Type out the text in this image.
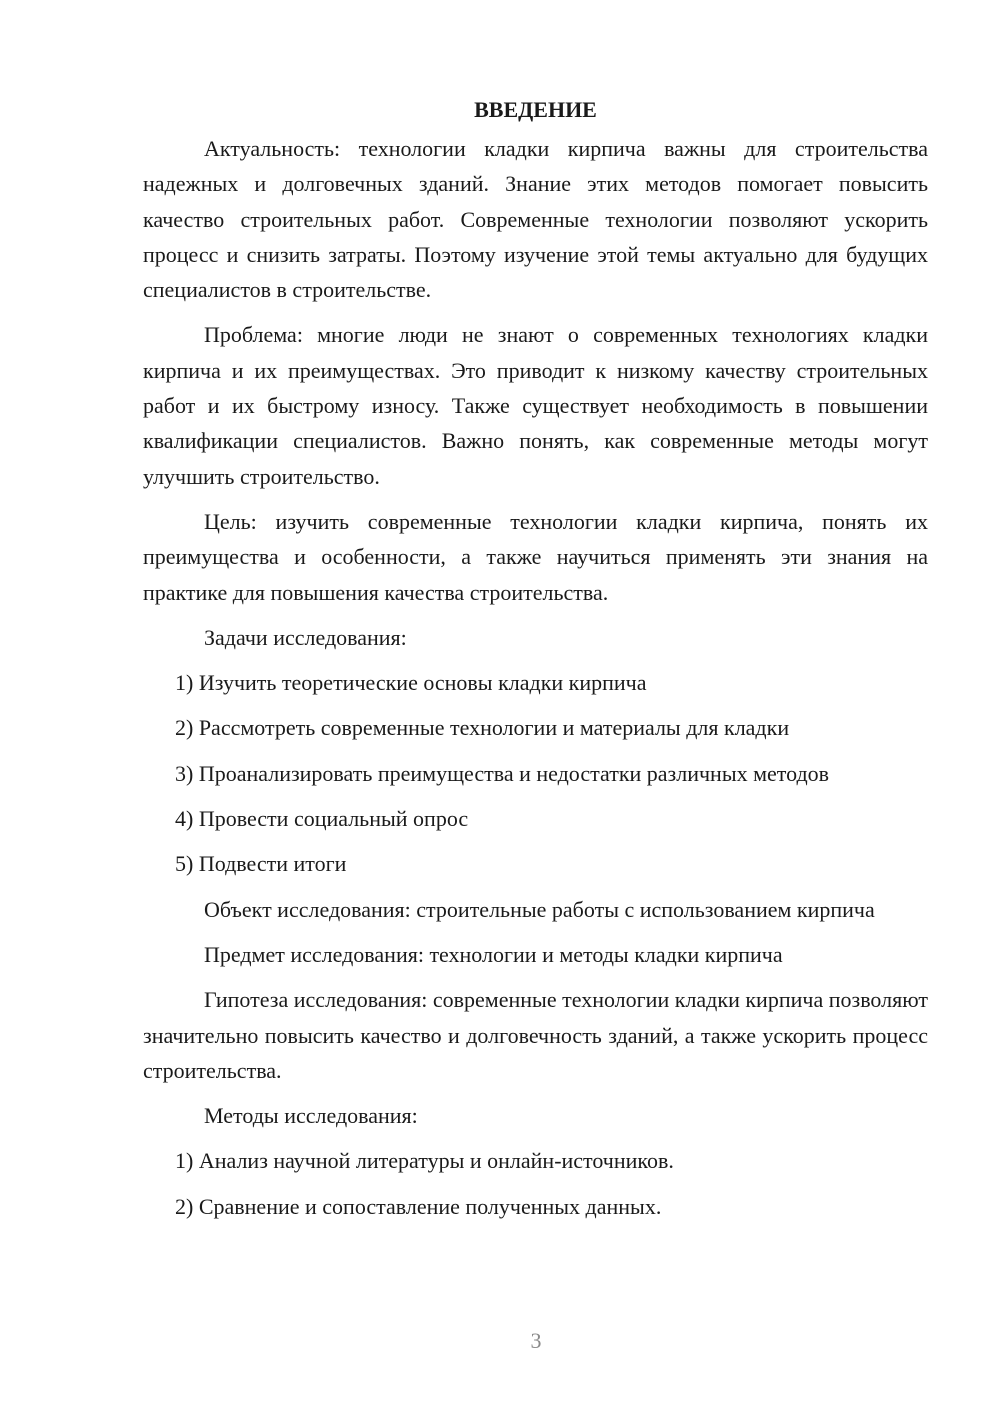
ВВЕДЕНИЕ

Актуальность: технологии кладки кирпича важны для строительства надежных и долговечных зданий. Знание этих методов помогает повысить качество строительных работ. Современные технологии позволяют ускорить процесс и снизить затраты. Поэтому изучение этой темы актуально для будущих специалистов в строительстве.

Проблема: многие люди не знают о современных технологиях кладки кирпича и их преимуществах. Это приводит к низкому качеству строительных работ и их быстрому износу. Также существует необходимость в повышении квалификации специалистов. Важно понять, как современные методы могут улучшить строительство.

Цель: изучить современные технологии кладки кирпича, понять их преимущества и особенности, а также научиться применять эти знания на практике для повышения качества строительства.

Задачи исследования:
1) Изучить теоретические основы кладки кирпича
2) Рассмотреть современные технологии и материалы для кладки
3) Проанализировать преимущества и недостатки различных методов
4) Провести социальный опрос
5) Подвести итоги

Объект исследования: строительные работы с использованием кирпича

Предмет исследования: технологии и методы кладки кирпича

Гипотеза исследования: современные технологии кладки кирпича позволяют значительно повысить качество и долговечность зданий, а также ускорить процесс строительства.

Методы исследования:
1) Анализ научной литературы и онлайн-источников.
2) Сравнение и сопоставление полученных данных.
3
